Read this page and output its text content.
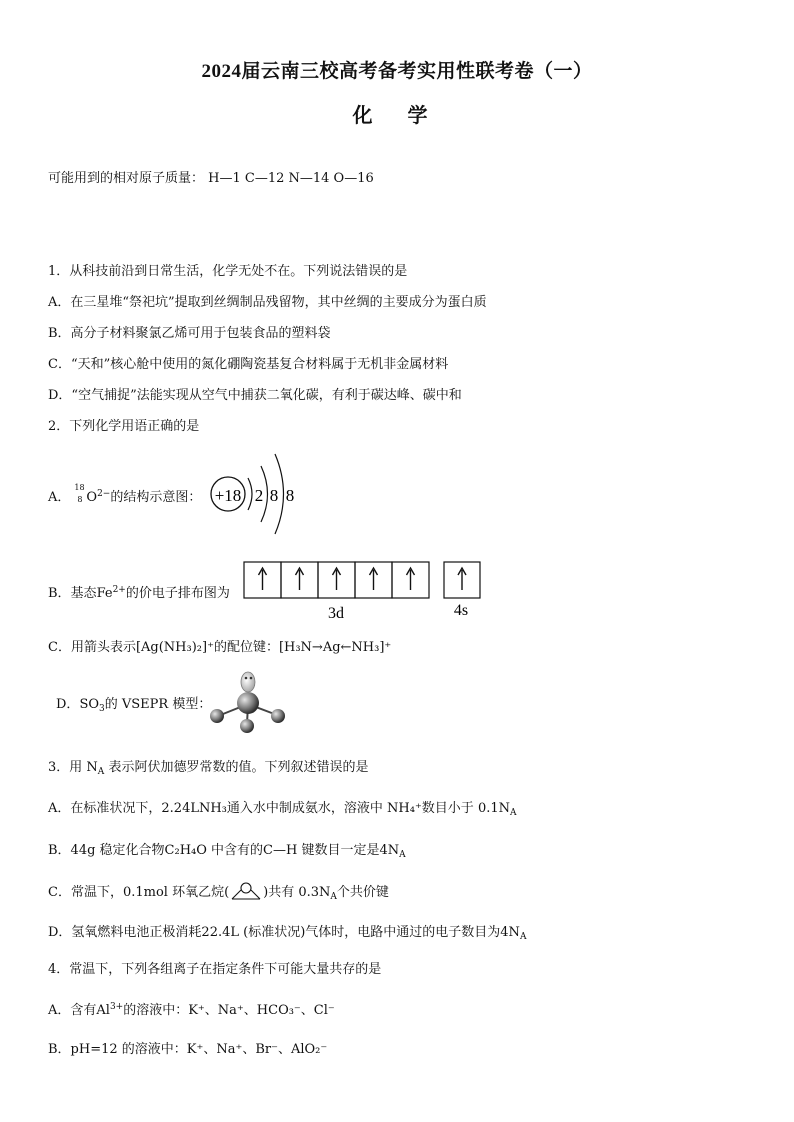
2024届云南三校高考备考实用性联考卷（一）
化 学
可能用到的相对原子质量： H—1 C—12 N—14 O—16
1．从科技前沿到日常生活，化学无处不在。下列说法错误的是
A．在三星堆“祭祀坑”提取到丝绸制品残留物，其中丝绸的主要成分为蛋白质
B．高分子材料聚氯乙烯可用于包装食品的塑料袋
C．“天和”核心舱中使用的氮化硼陶瓷基复合材料属于无机非金属材料
D．“空气捕捉”法能实现从空气中捕获二氧化碳，有利于碳达峰、碳中和
2．下列化学用语正确的是
A．
18
8 $O^{2-}$的结构示意图： +18 2 8 8
B．基态$Fe^{2+}$的价电子排布图为
3d	4s
C．用箭头表示[Ag(NH₃)₂]⁺的配位键：[H₃N→Ag←NH₃]⁺
D．$SO_3$的 VSEPR 模型：
3．用 $N_A$ 表示阿伏加德罗常数的值。下列叙述错误的是
A．在标准状况下，2.24LNH₃通入水中制成氨水，溶液中 NH₄⁺数目小于 $0.1N_A$
B．44g 稳定化合物C₂H₄O 中含有的C—H 键数目一定是$4N_A$
C．常温下，0.1mol 环氧乙烷(	)共有 $0.3N_A$个共价键
D．氢氧燃料电池正极消耗22.4L (标准状况)气体时，电路中通过的电子数目为$4N_A$
4．常温下，下列各组离子在指定条件下可能大量共存的是
A．含有$Al^{3+}$的溶液中：K⁺、Na⁺、HCO₃⁻、Cl⁻
B．pH=12 的溶液中：K⁺、Na⁺、Br⁻、AlO₂⁻
